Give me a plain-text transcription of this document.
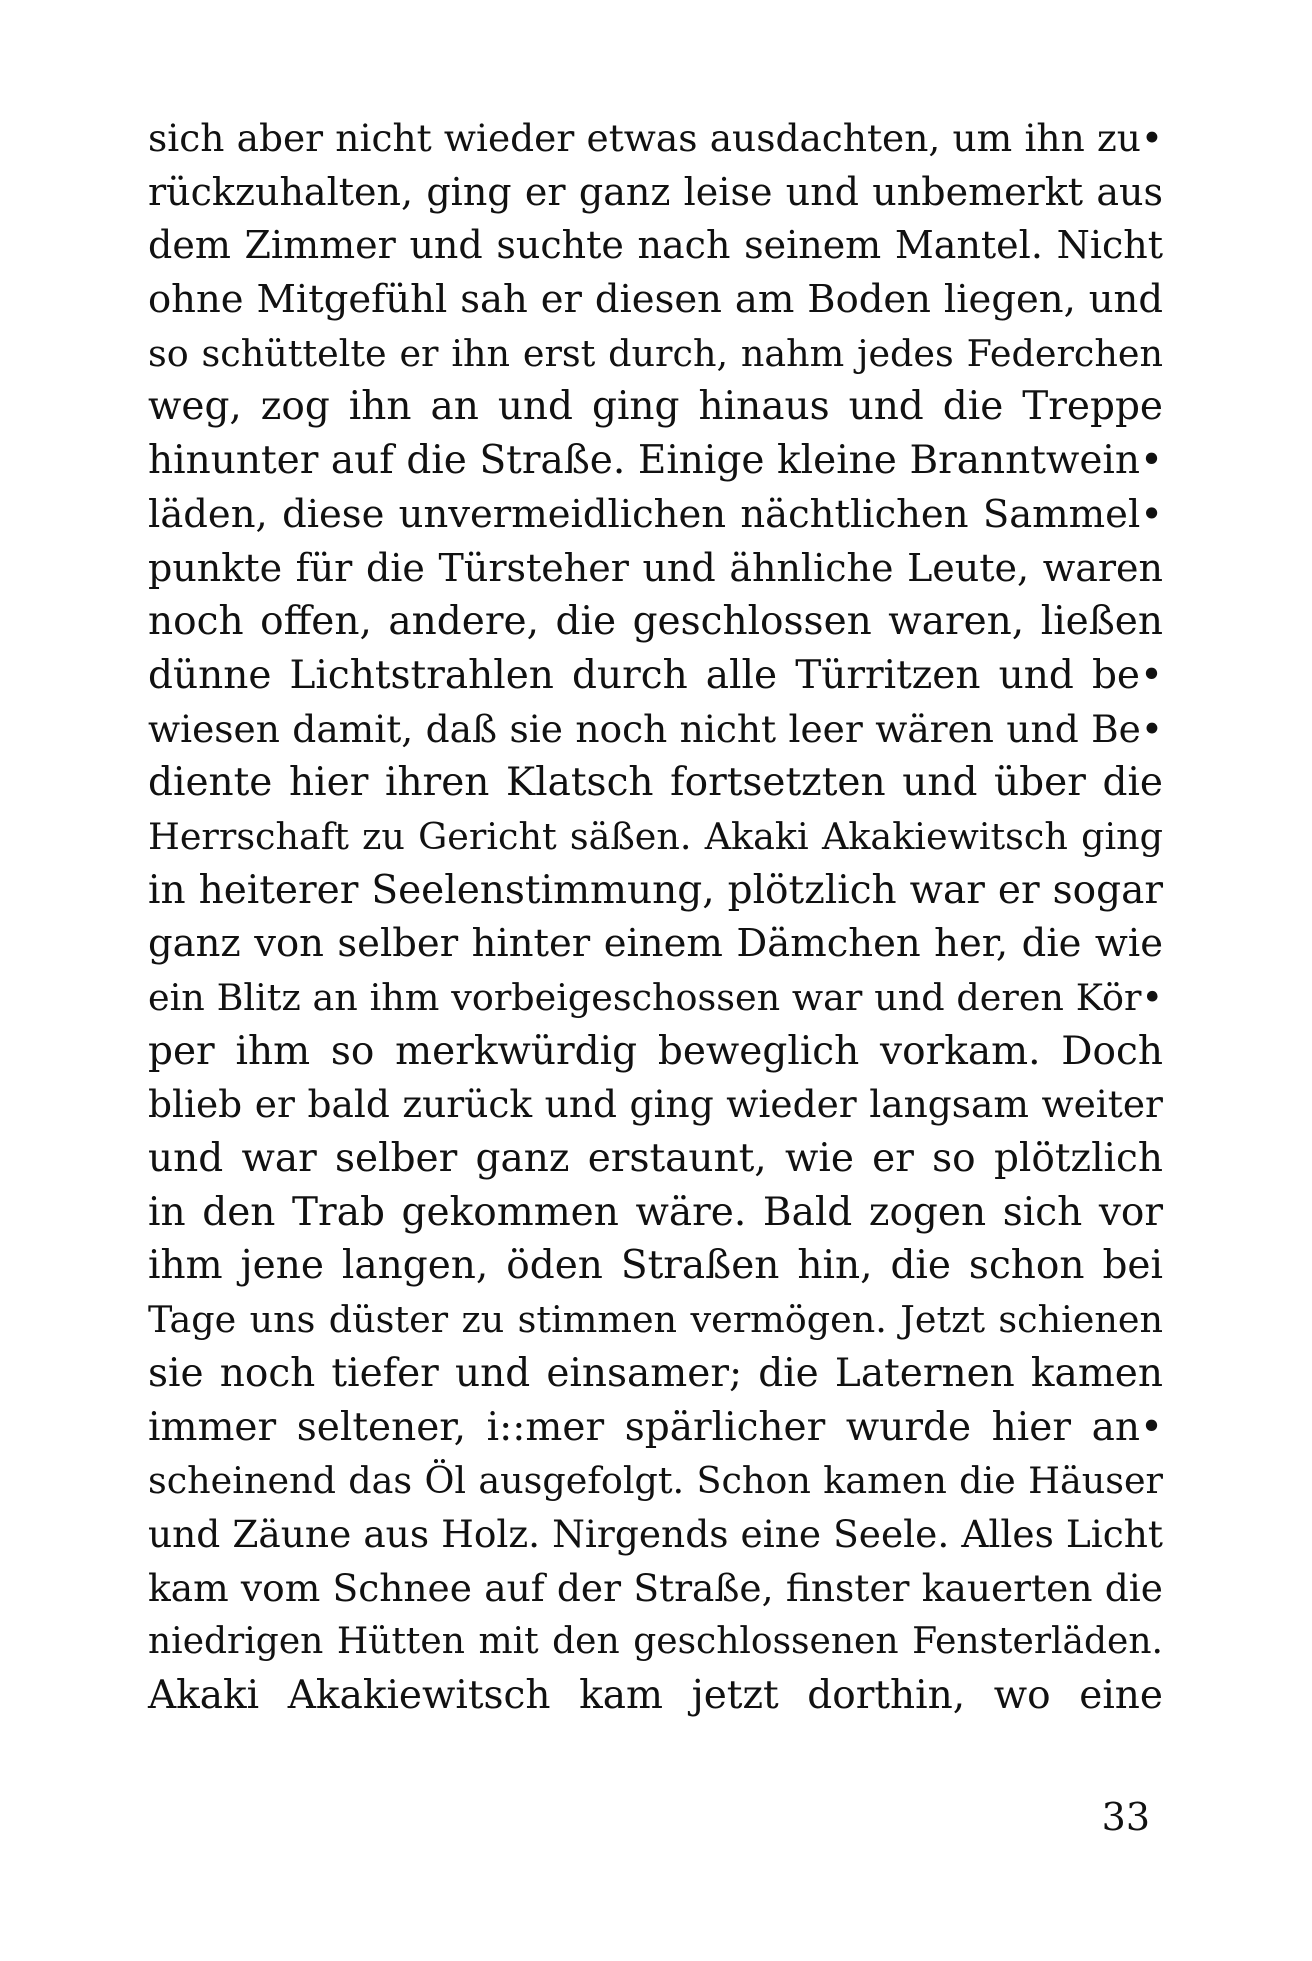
sich aber nicht wieder etwas ausdachten, um ihn zu•
rückzuhalten, ging er ganz leise und unbemerkt aus
dem Zimmer und suchte nach seinem Mantel. Nicht
ohne Mitgefühl sah er diesen am Boden liegen, und
so schüttelte er ihn erst durch, nahm jedes Federchen
weg, zog ihn an und ging hinaus und die Treppe
hinunter auf die Straße. Einige kleine Branntwein•
läden, diese unvermeidlichen nächtlichen Sammel•
punkte für die Türsteher und ähnliche Leute, waren
noch offen, andere, die geschlossen waren, ließen
dünne Lichtstrahlen durch alle Türritzen und be•
wiesen damit, daß sie noch nicht leer wären und Be•
diente hier ihren Klatsch fortsetzten und über die
Herrschaft zu Gericht säßen. Akaki Akakiewitsch ging
in heiterer Seelenstimmung, plötzlich war er sogar
ganz von selber hinter einem Dämchen her, die wie
ein Blitz an ihm vorbeigeschossen war und deren Kör•
per ihm so merkwürdig beweglich vorkam. Doch
blieb er bald zurück und ging wieder langsam weiter
und war selber ganz erstaunt, wie er so plötzlich
in den Trab gekommen wäre. Bald zogen sich vor
ihm jene langen, öden Straßen hin, die schon bei
Tage uns düster zu stimmen vermögen. Jetzt schienen
sie noch tiefer und einsamer; die Laternen kamen
immer seltener, i::mer spärlicher wurde hier an•
scheinend das Öl ausgefolgt. Schon kamen die Häuser
und Zäune aus Holz. Nirgends eine Seele. Alles Licht
kam vom Schnee auf der Straße, finster kauerten die
niedrigen Hütten mit den geschlossenen Fensterläden.
Akaki Akakiewitsch kam jetzt dorthin, wo eine
33
